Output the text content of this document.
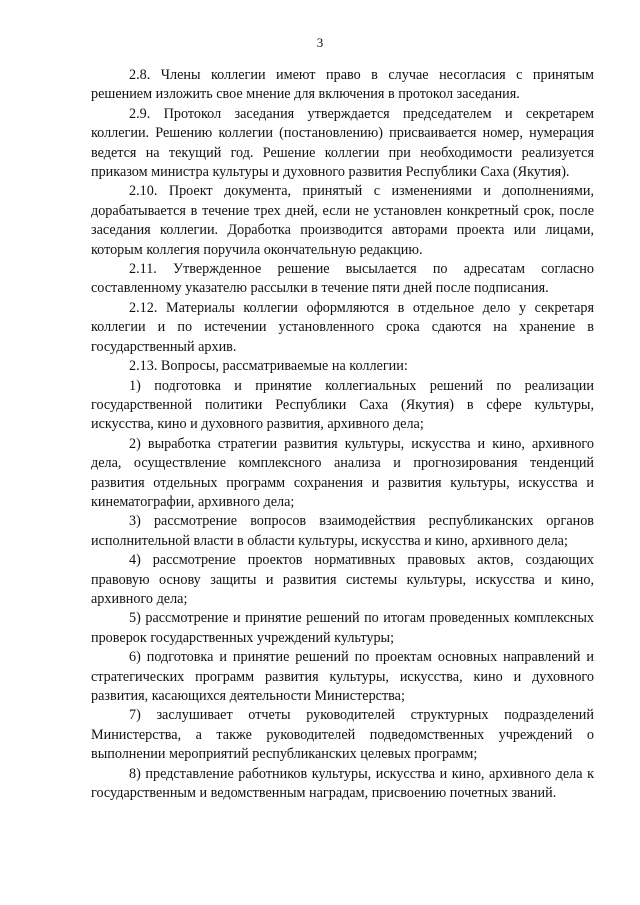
3

2.8. Члены коллегии имеют право в случае несогласия с принятым решением изложить свое мнение для включения в протокол заседания.

2.9. Протокол заседания утверждается председателем и секретарем коллегии. Решению коллегии (постановлению) присваивается номер, нумерация ведется на текущий год. Решение коллегии при необходимости реализуется приказом министра культуры и духовного развития Республики Саха (Якутия).

2.10. Проект документа, принятый с изменениями и дополнениями, дорабатывается в течение трех дней, если не установлен конкретный срок, после заседания коллегии. Доработка производится авторами проекта или лицами, которым коллегия поручила окончательную редакцию.

2.11. Утвержденное решение высылается по адресатам согласно составленному указателю рассылки в течение пяти дней после подписания.

2.12. Материалы коллегии оформляются в отдельное дело у секретаря коллегии и по истечении установленного срока сдаются на хранение в государственный архив.

2.13. Вопросы, рассматриваемые на коллегии:

1) подготовка и принятие коллегиальных решений по реализации государственной политики Республики Саха (Якутия) в сфере культуры, искусства, кино и духовного развития, архивного дела;

2) выработка стратегии развития культуры, искусства и кино, архивного дела, осуществление комплексного анализа и прогнозирования тенденций развития отдельных программ сохранения и развития культуры, искусства и кинематографии, архивного дела;

3) рассмотрение вопросов взаимодействия республиканских органов исполнительной власти в области культуры, искусства и кино, архивного дела;

4) рассмотрение проектов нормативных правовых актов, создающих правовую основу защиты и развития системы культуры, искусства и кино, архивного дела;

5) рассмотрение и принятие решений по итогам проведенных комплексных проверок государственных учреждений культуры;

6) подготовка и принятие решений по проектам основных направлений и стратегических программ развития культуры, искусства, кино и духовного развития, касающихся деятельности Министерства;

7) заслушивает отчеты руководителей структурных подразделений Министерства, а также руководителей подведомственных учреждений о выполнении мероприятий республиканских целевых программ;

8) представление работников культуры, искусства и кино, архивного дела к государственным и ведомственным наградам, присвоению почетных званий.
